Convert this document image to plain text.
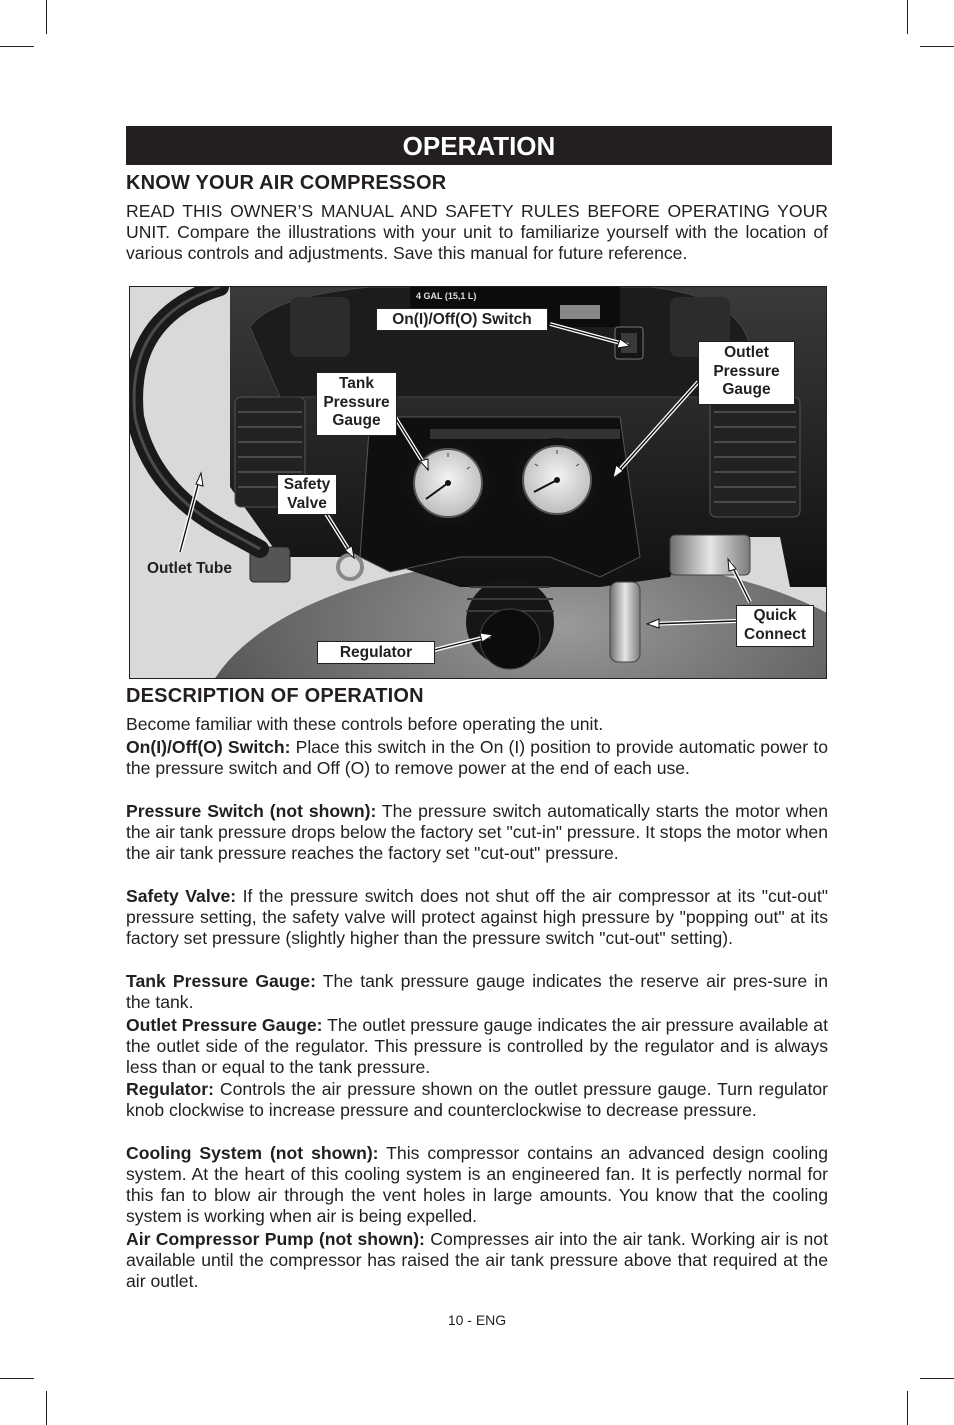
OPERATION
KNOW YOUR AIR COMPRESSOR
READ THIS OWNER’S MANUAL AND SAFETY RULES BEFORE OPERATING YOUR UNIT. Compare the illustrations with your unit to familiarize yourself with the location of various controls and adjustments. Save this manual for future reference.
4 GAL (15,1 L)
On(I)/Off(O) Switch
Outlet
Pressure
Gauge
Tank
Pressure
Gauge
Safety
Valve
Outlet Tube
Quick
Connect
Regulator
DESCRIPTION OF OPERATION
Become familiar with these controls before operating the unit.
On(I)/Off(O) Switch: Place this switch in the On (I) position to provide automatic power to the pressure switch and Off (O) to remove power at the end of each use.
Pressure Switch (not shown): The pressure switch automatically starts the motor when the air tank pressure drops below the factory set "cut-in" pressure. It stops the motor when the air tank pressure reaches the factory set "cut-out" pressure.
Safety Valve: If the pressure switch does not shut off the air compressor at its "cut-out" pressure setting, the safety valve will protect against high pressure by "popping out" at its factory set pressure (slightly higher than the pressure switch "cut-out" setting).
Tank Pressure Gauge: The tank pressure gauge indicates the reserve air pres-sure in the tank.
Outlet Pressure Gauge: The outlet pressure gauge indicates the air pressure available at the outlet side of the regulator. This pressure is controlled by the regulator and is always less than or equal to the tank pressure.
Regulator: Controls the air pressure shown on the outlet pressure gauge. Turn regulator knob clockwise to increase pressure and counterclockwise to decrease pressure.
Cooling System (not shown): This compressor contains an advanced design cooling system. At the heart of this cooling system is an engineered fan. It is perfectly normal for this fan to blow air through the vent holes in large amounts. You know that the cooling system is working when air is being expelled.
Air Compressor Pump (not shown): Compresses air into the air tank. Working air is not available until the compressor has raised the air tank pressure above that required at the air outlet.
10 - ENG
